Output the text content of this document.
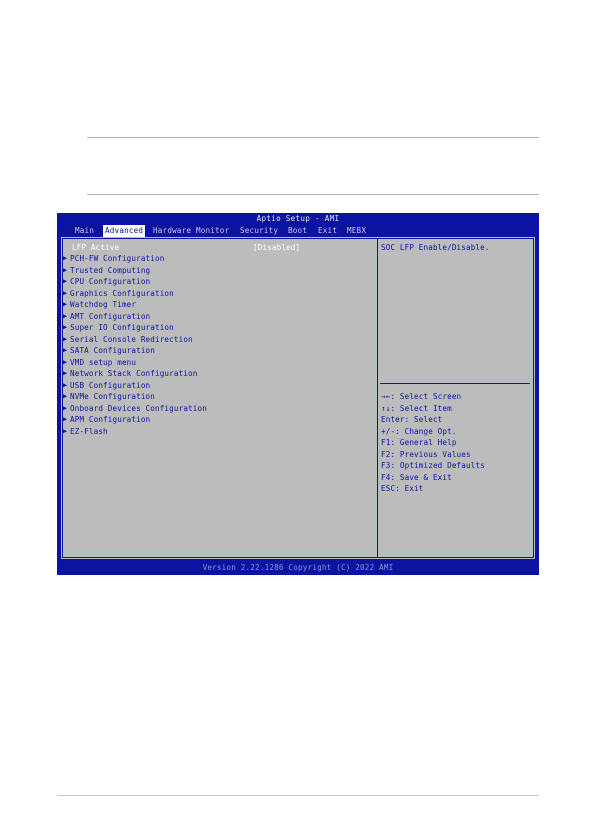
Aptio Setup - AMI
Main Advanced Hardware Monitor Security Boot Exit MEBX
LFP Active	[Disabled]
▶ PCH-FW Configuration
▶ Trusted Computing
▶ CPU Configuration
▶ Graphics Configuration
▶ Watchdog Timer
▶ AMT Configuration
▶ Super IO Configuration
▶ Serial Console Redirection
▶ SATA Configuration
▶ VMD setup menu
▶ Network Stack Configuration
▶ USB Configuration
▶ NVMe Configuration
▶ Onboard Devices Configuration
▶ APM Configuration
▶ EZ-Flash
SOC LFP Enable/Disable.
→←: Select Screen
↑↓: Select Item
Enter: Select
+/-: Change Opt.
F1: General Help
F2: Previous Values
F3: Optimized Defaults
F4: Save & Exit
ESC: Exit
Version 2.22.1286 Copyright (C) 2022 AMI
